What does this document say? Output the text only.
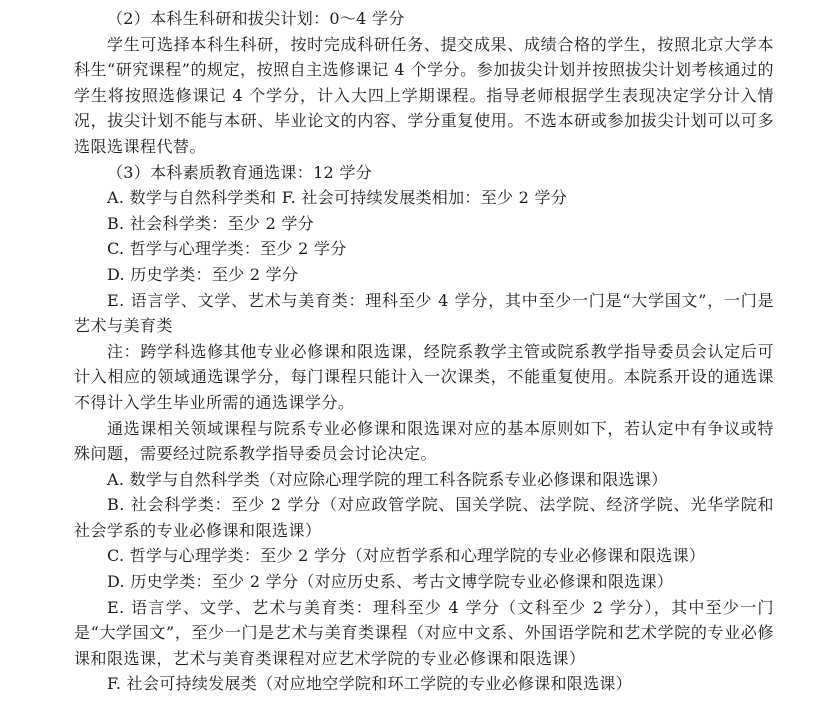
（2）本科生科研和拔尖计划：0～4 学分

学生可选择本科生科研，按时完成科研任务、提交成果、成绩合格的学生，按照北京大学本科生“研究课程”的规定，按照自主选修课记 4 个学分。参加拔尖计划并按照拔尖计划考核通过的学生将按照选修课记 4 个学分，计入大四上学期课程。指导老师根据学生表现决定学分计入情况，拔尖计划不能与本研、毕业论文的内容、学分重复使用。不选本研或参加拔尖计划可以可多选限选课程代替。

（3）本科素质教育通选课：12 学分
A. 数学与自然科学类和 F. 社会可持续发展类相加：至少 2 学分
B. 社会科学类：至少 2 学分
C. 哲学与心理学类：至少 2 学分
D. 历史学类：至少 2 学分

E. 语言学、文学、艺术与美育类：理科至少 4 学分，其中至少一门是“大学国文”，一门是艺术与美育类

注：跨学科选修其他专业必修课和限选课，经院系教学主管或院系教学指导委员会认定后可计入相应的领域通选课学分，每门课程只能计入一次课类，不能重复使用。本院系开设的通选课不得计入学生毕业所需的通选课学分。

通选课相关领域课程与院系专业必修课和限选课对应的基本原则如下，若认定中有争议或特殊问题，需要经过院系教学指导委员会讨论决定。

A. 数学与自然科学类（对应除心理学院的理工科各院系专业必修课和限选课）

B. 社会科学类：至少 2 学分（对应政管学院、国关学院、法学院、经济学院、光华学院和社会学系的专业必修课和限选课）

C. 哲学与心理学类：至少 2 学分（对应哲学系和心理学院的专业必修课和限选课）
D. 历史学类：至少 2 学分（对应历史系、考古文博学院专业必修课和限选课）

E. 语言学、文学、艺术与美育类：理科至少 4 学分（文科至少 2 学分），其中至少一门是“大学国文”，至少一门是艺术与美育类课程（对应中文系、外国语学院和艺术学院的专业必修课和限选课，艺术与美育类课程对应艺术学院的专业必修课和限选课）

F. 社会可持续发展类（对应地空学院和环工学院的专业必修课和限选课）
